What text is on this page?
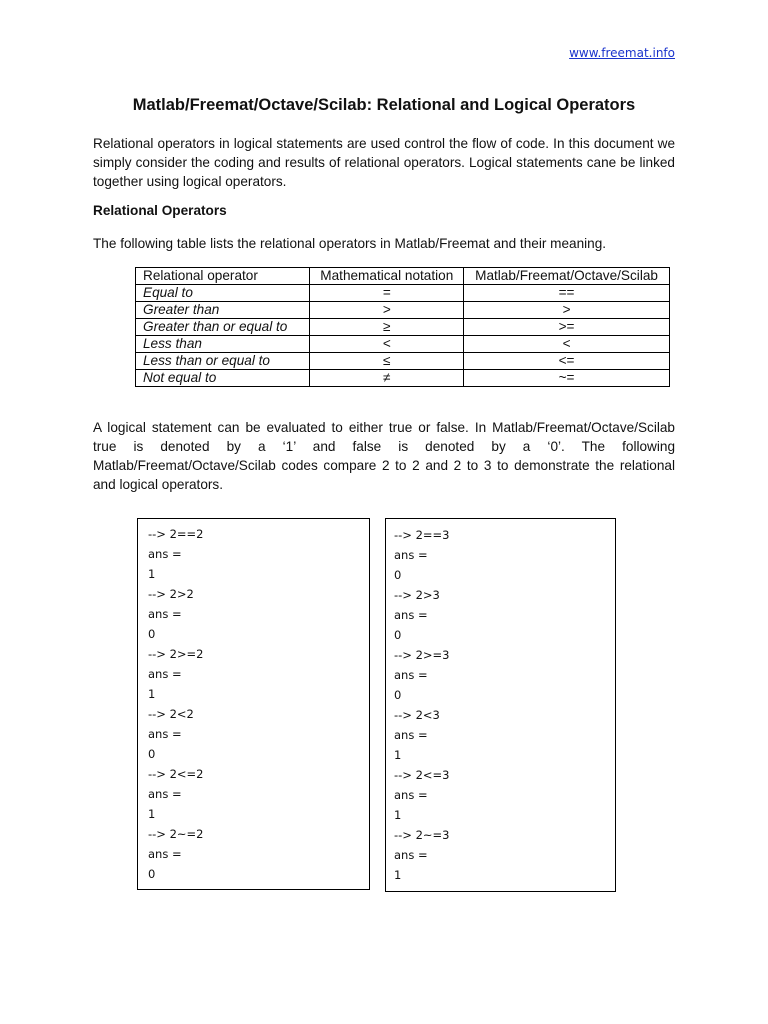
www.freemat.info
Matlab/Freemat/Octave/Scilab: Relational and Logical Operators

Relational operators in logical statements are used control the flow of code. In this document we simply consider the coding and results of relational operators. Logical statements cane be linked together using logical operators.

Relational Operators

The following table lists the relational operators in Matlab/Freemat and their meaning.

Relational operator	Mathematical notation	Matlab/Freemat/Octave/Scilab
Equal to	=	==
Greater than	>	>
Greater than or equal to	≥	>=
Less than	<	<
Less than or equal to	≤	<=
Not equal to	≠	~=

A logical statement can be evaluated to either true or false. In Matlab/Freemat/Octave/Scilab true is denoted by a ‘1’ and false is denoted by a ‘0’. The following Matlab/Freemat/Octave/Scilab codes compare 2 to 2 and 2 to 3 to demonstrate the relational and logical operators.

--> 2==2
ans =
1
--> 2>2
ans =
0
--> 2>=2
ans =
1
--> 2<2
ans =
0
--> 2<=2
ans =
1
--> 2~=2
ans =
0
--> 2==3
ans =
0
--> 2>3
ans =
0
--> 2>=3
ans =
0
--> 2<3
ans =
1
--> 2<=3
ans =
1
--> 2~=3
ans =
1
